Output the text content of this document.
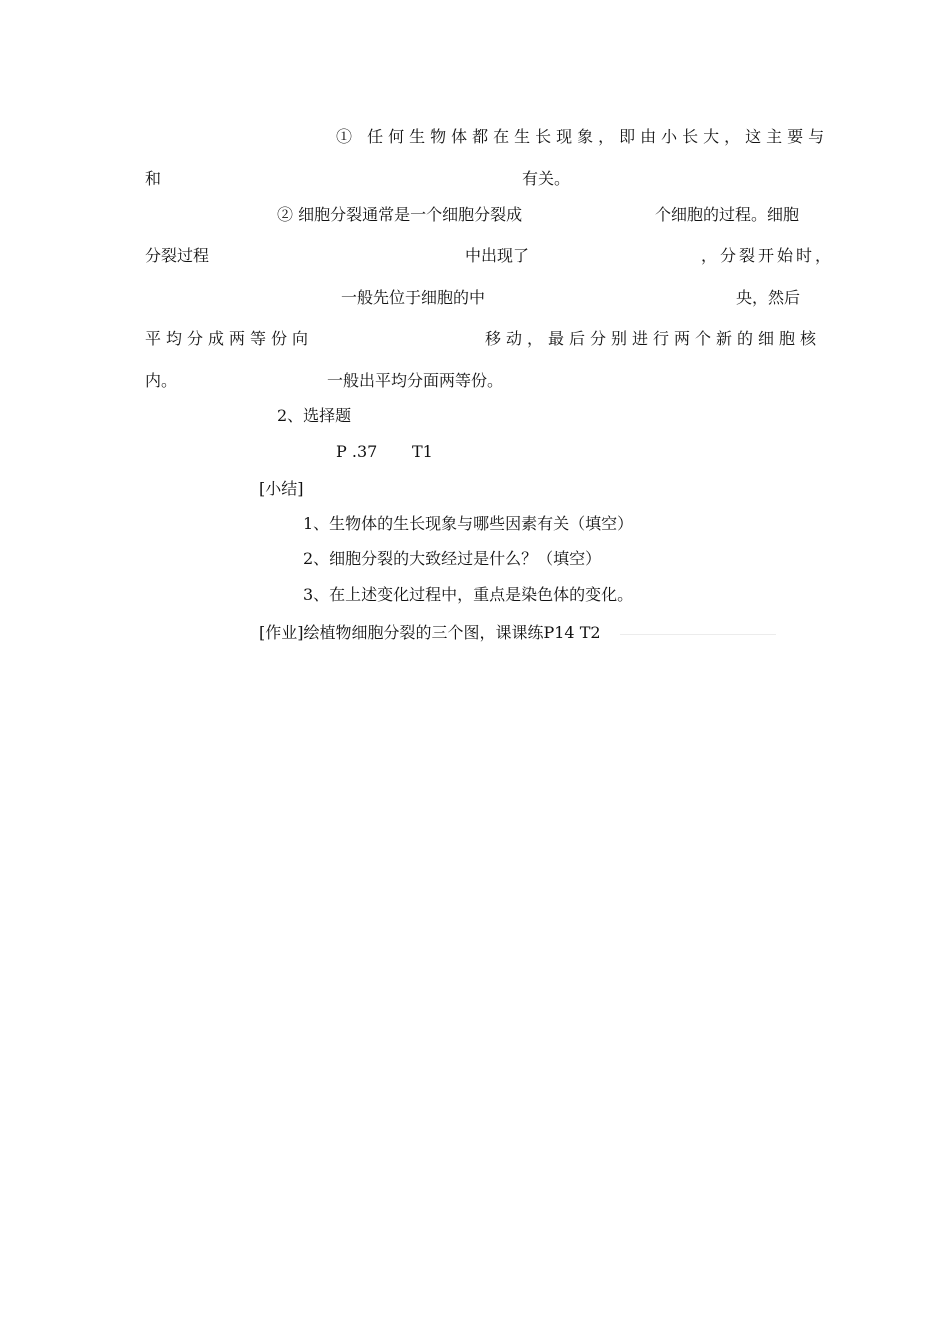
① 任何生物体都在生长现象，即由小长大，这主要与
和	有关。
② 细胞分裂通常是一个细胞分裂成	个细胞的过程。细胞
分裂过程	中出现了	，分裂开始时，
一般先位于细胞的中	央，然后
平均分成两等份向	移动，最后分别进行两个新的细胞核
内。	一般出平均分面两等份。
2、选择题
P .37 T1
[小结]
1、生物体的生长现象与哪些因素有关（填空）
2、细胞分裂的大致经过是什么？（填空）
3、在上述变化过程中，重点是染色体的变化。
[作业]绘植物细胞分裂的三个图，课课练P14 T2
